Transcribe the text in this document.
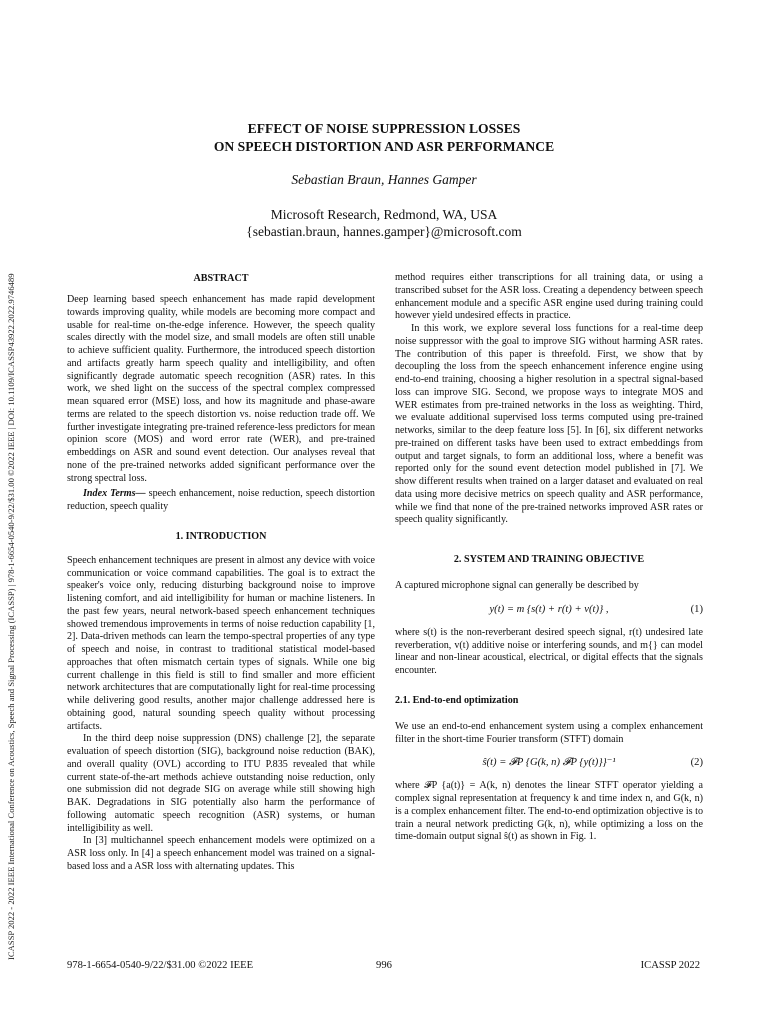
ICASSP 2022 - 2022 IEEE International Conference on Acoustics, Speech and Signal Processing (ICASSP) | 978-1-6654-0540-9/22/$31.00 ©2022 IEEE | DOI: 10.1109/ICASSP43922.2022.9746489
EFFECT OF NOISE SUPPRESSION LOSSES
ON SPEECH DISTORTION AND ASR PERFORMANCE
Sebastian Braun, Hannes Gamper
Microsoft Research, Redmond, WA, USA
{sebastian.braun, hannes.gamper}@microsoft.com
ABSTRACT

Deep learning based speech enhancement has made rapid development towards improving quality, while models are becoming more compact and usable for real-time on-the-edge inference. However, the speech quality scales directly with the model size, and small models are often still unable to achieve sufficient quality. Furthermore, the introduced speech distortion and artifacts greatly harm speech quality and intelligibility, and often significantly degrade automatic speech recognition (ASR) rates. In this work, we shed light on the success of the spectral complex compressed mean squared error (MSE) loss, and how its magnitude and phase-aware terms are related to the speech distortion vs. noise reduction trade off. We further investigate integrating pre-trained reference-less predictors for mean opinion score (MOS) and word error rate (WER), and pre-trained embeddings on ASR and sound event detection. Our analyses reveal that none of the pre-trained networks added significant performance over the strong spectral loss.

Index Terms— speech enhancement, noise reduction, speech distortion reduction, speech quality

1. INTRODUCTION

Speech enhancement techniques are present in almost any device with voice communication or voice command capabilities. The goal is to extract the speaker's voice only, reducing disturbing background noise to improve listening comfort, and aid intelligibility for human or machine listeners. In the past few years, neural network-based speech enhancement techniques showed tremendous improvements in terms of noise reduction capability [1, 2]. Data-driven methods can learn the tempo-spectral properties of any type of speech and noise, in contrast to traditional statistical model-based approaches that often mismatch certain types of signals. While one big current challenge in this field is still to find smaller and more efficient network architectures that are computationally light for real-time processing while delivering good results, another major challenge addressed here is obtaining good, natural sounding speech quality without processing artifacts.

In the third deep noise suppression (DNS) challenge [2], the separate evaluation of speech distortion (SIG), background noise reduction (BAK), and overall quality (OVL) according to ITU P.835 revealed that while current state-of-the-art methods achieve outstanding noise reduction, only one submission did not degrade SIG on average while still showing high BAK. Degradations in SIG potentially also harm the performance of following automatic speech recognition (ASR) systems, or human intelligibility as well.

In [3] multichannel speech enhancement models were optimized on a ASR loss only. In [4] a speech enhancement model was trained on a signal-based loss and a ASR loss with alternating updates. This

method requires either transcriptions for all training data, or using a transcribed subset for the ASR loss. Creating a dependency between speech enhancement module and a specific ASR engine used during training could however yield undesired effects in practice.

In this work, we explore several loss functions for a real-time deep noise suppressor with the goal to improve SIG without harming ASR rates. The contribution of this paper is threefold. First, we show that by decoupling the loss from the speech enhancement inference engine using end-to-end training, choosing a higher resolution in a spectral signal-based loss can improve SIG. Second, we propose ways to integrate MOS and WER estimates from pre-trained networks in the loss as weighting. Third, we evaluate additional supervised loss terms computed using pre-trained networks, similar to the deep feature loss [5]. In [6], six different networks pre-trained on different tasks have been used to extract embeddings from output and target signals, to form an additional loss, where a benefit was reported only for the sound event detection model published in [7]. We show different results when trained on a larger dataset and evaluated on real data using more decisive metrics on speech quality and ASR performance, while we find that none of the pre-trained networks improved ASR rates or speech quality significantly.

2. SYSTEM AND TRAINING OBJECTIVE

A captured microphone signal can generally be described by

y(t) = m {s(t) + r(t) + v(t)} ,	(1)

where s(t) is the non-reverberant desired speech signal, r(t) undesired late reverberation, v(t) additive noise or interfering sounds, and m{} can model linear and non-linear acoustical, electrical, or digital effects that the signals encounter.

2.1. End-to-end optimization

We use an end-to-end enhancement system using a complex enhancement filter in the short-time Fourier transform (STFT) domain

ŝ(t) = 𝓕P {G(k, n) 𝓕P {y(t)}}⁻¹	(2)

where 𝓕P {a(t)} = A(k, n) denotes the linear STFT operator yielding a complex signal representation at frequency k and time index n, and G(k, n) is a complex enhancement filter. The end-to-end optimization objective is to train a neural network predicting G(k, n), while optimizing a loss on the time-domain output signal ŝ(t) as shown in Fig. 1.

978-1-6654-0540-9/22/$31.00 ©2022 IEEE	996	ICASSP 2022
